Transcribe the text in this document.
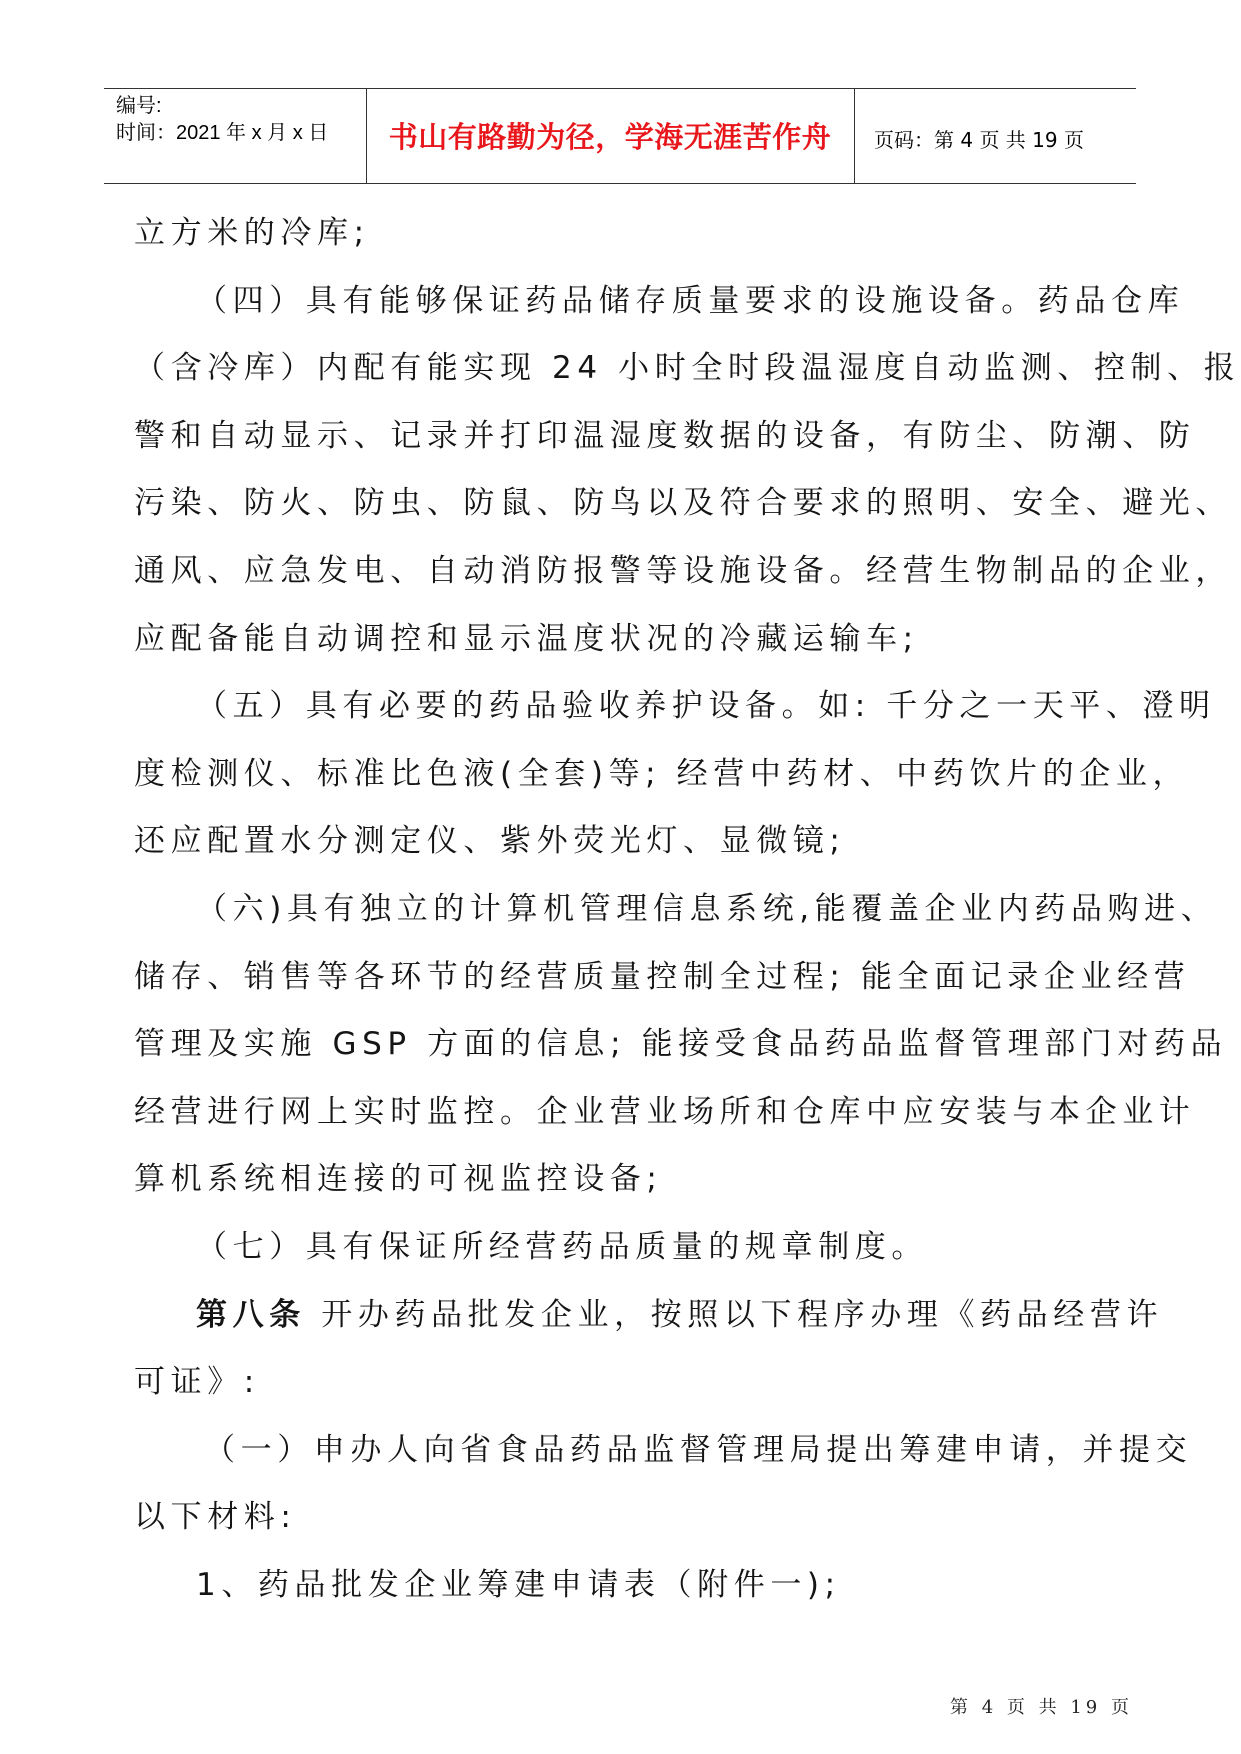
编号:
时间：2021 年 x 月 x 日	书山有路勤为径，学海无涯苦作舟	页码：第 4 页 共 19 页

立方米的冷库;

（四）具有能够保证药品储存质量要求的设施设备。药品仓库

（含冷库）内配有能实现 24 小时全时段温湿度自动监测、控制、报

警和自动显示、记录并打印温湿度数据的设备，有防尘、防潮、防

污染、防火、防虫、防鼠、防鸟以及符合要求的照明、安全、避光、

通风、应急发电、自动消防报警等设施设备。经营生物制品的企业，

应配备能自动调控和显示温度状况的冷藏运输车;

（五）具有必要的药品验收养护设备。如: 千分之一天平、澄明

度检测仪、标准比色液(全套)等; 经营中药材、中药饮片的企业，

还应配置水分测定仪、紫外荧光灯、显微镜;

（六)具有独立的计算机管理信息系统,能覆盖企业内药品购进、

储存、销售等各环节的经营质量控制全过程; 能全面记录企业经营

管理及实施 GSP 方面的信息; 能接受食品药品监督管理部门对药品

经营进行网上实时监控。企业营业场所和仓库中应安装与本企业计

算机系统相连接的可视监控设备;

（七）具有保证所经营药品质量的规章制度。

第八条 开办药品批发企业，按照以下程序办理《药品经营许

可证》:

（一）申办人向省食品药品监督管理局提出筹建申请，并提交

以下材料:

1、药品批发企业筹建申请表（附件一);

第 4 页 共 19 页
